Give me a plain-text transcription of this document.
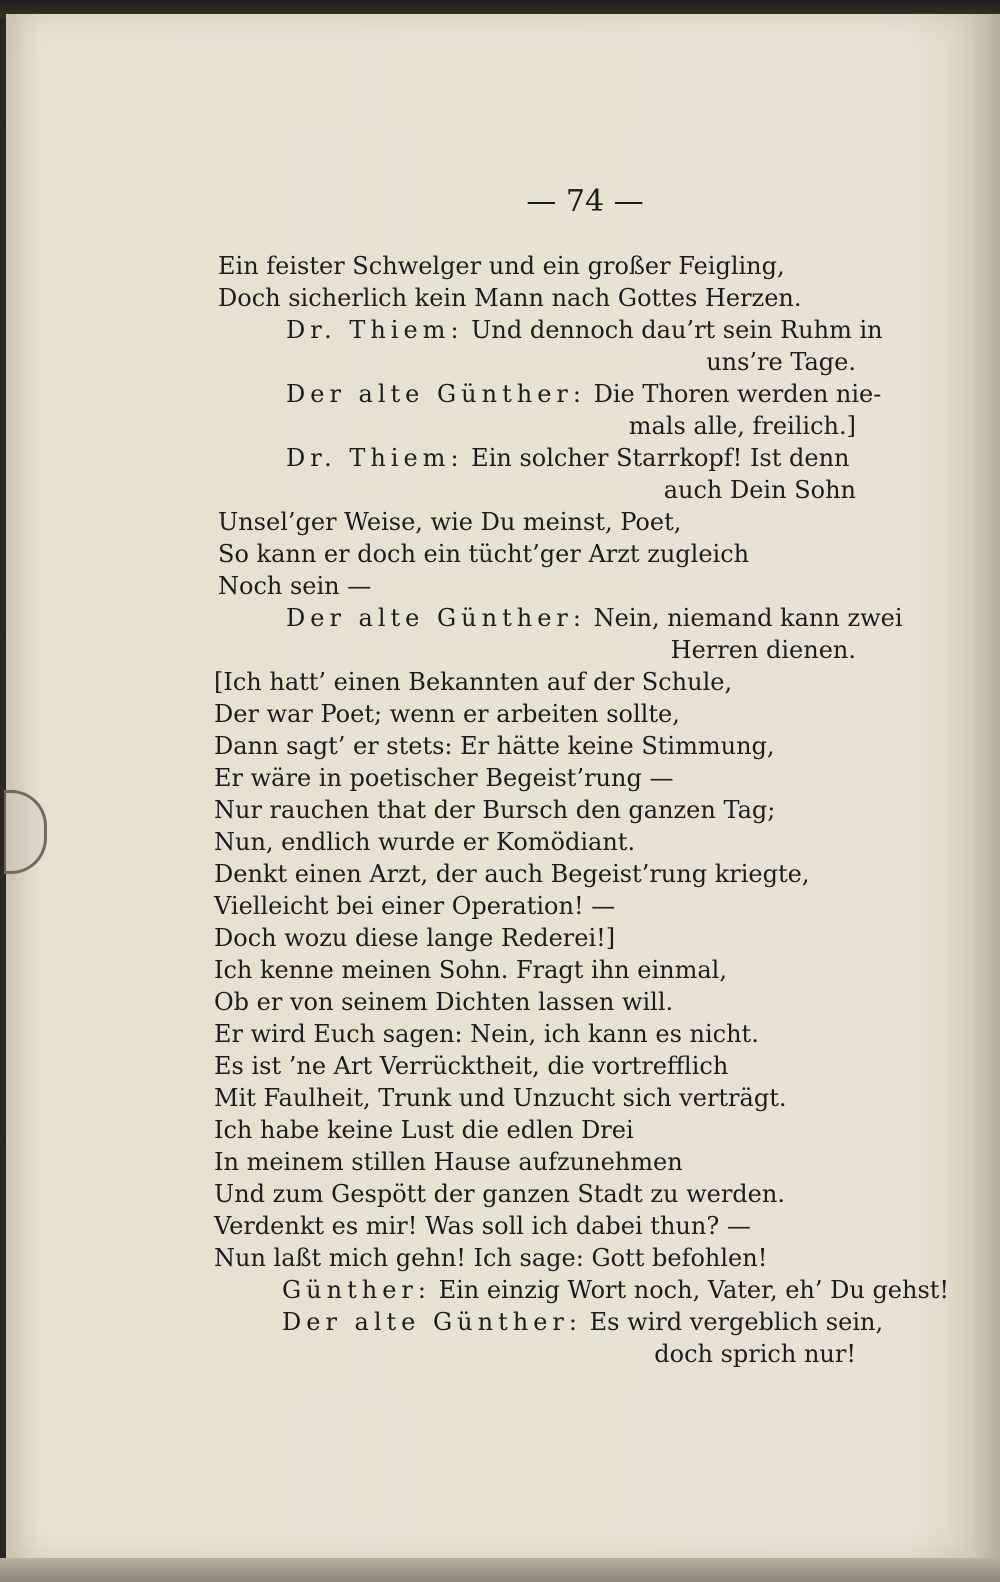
— 74 —
Ein feister Schwelger und ein großer Feigling,
Doch sicherlich kein Mann nach Gottes Herzen.
Dr. Thiem: Und dennoch dau’rt sein Ruhm in
uns’re Tage.
Der alte Günther: Die Thoren werden nie-
mals alle, freilich.]
Dr. Thiem: Ein solcher Starrkopf! Ist denn
auch Dein Sohn
Unsel’ger Weise, wie Du meinst, Poet,
So kann er doch ein tücht’ger Arzt zugleich
Noch sein —
Der alte Günther: Nein, niemand kann zwei
Herren dienen.
[Ich hatt’ einen Bekannten auf der Schule,
Der war Poet; wenn er arbeiten sollte,
Dann sagt’ er stets: Er hätte keine Stimmung,
Er wäre in poetischer Begeist’rung —
Nur rauchen that der Bursch den ganzen Tag;
Nun, endlich wurde er Komödiant.
Denkt einen Arzt, der auch Begeist’rung kriegte,
Vielleicht bei einer Operation! —
Doch wozu diese lange Rederei!]
Ich kenne meinen Sohn. Fragt ihn einmal,
Ob er von seinem Dichten lassen will.
Er wird Euch sagen: Nein, ich kann es nicht.
Es ist ’ne Art Verrücktheit, die vortrefflich
Mit Faulheit, Trunk und Unzucht sich verträgt.
Ich habe keine Lust die edlen Drei
In meinem stillen Hause aufzunehmen
Und zum Gespött der ganzen Stadt zu werden.
Verdenkt es mir! Was soll ich dabei thun? —
Nun laßt mich gehn! Ich sage: Gott befohlen!
Günther: Ein einzig Wort noch, Vater, eh’ Du gehst!
Der alte Günther: Es wird vergeblich sein,
doch sprich nur!
